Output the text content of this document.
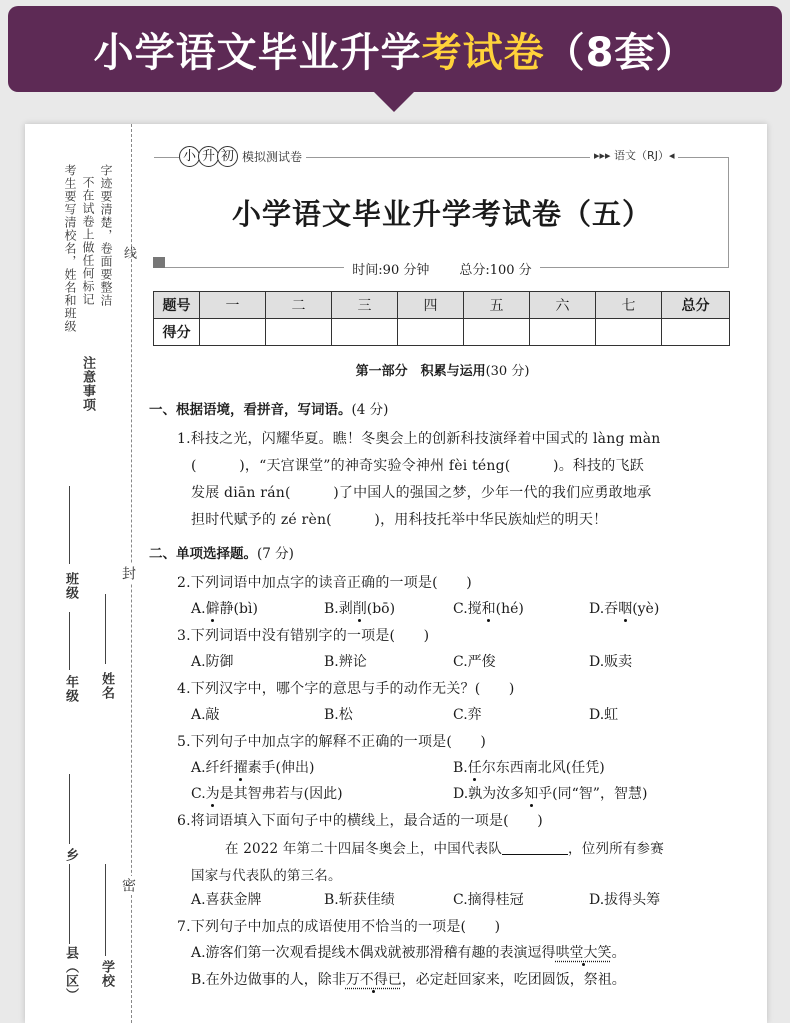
小学语文毕业升学 考试卷 （8套）
注意事项
字迹要清楚，卷面要整洁
不在试卷上做任何标记
考生要写清校名，姓名和班级	线
封
密
班级
年级 姓名
乡
县（区） 学校
小 升 初 模拟测试卷	▸▸▸ 语文（RJ）◂
小学语文毕业升学考试卷（五）
时间:90 分钟 总分:100 分
题号	一	二	三	四	五	六	七	总分
得分								
第一部分　积累与运用(30 分)
一、根据语境，看拼音，写词语。(4 分)
1.科技之光，闪耀华夏。瞧！冬奥会上的创新科技演绎着中国式的 làng màn
(　　　)，“天宫课堂”的神奇实验令神州 fèi téng(　　　)。科技的飞跃
发展 diān rán(　　　)了中国人的强国之梦，少年一代的我们应勇敢地承
担时代赋予的 zé rèn(　　　)，用科技托举中华民族灿烂的明天！
二、单项选择题。(7 分)
2.下列词语中加点字的读音正确的一项是(　　)
A.僻静(bì)	B.剥削(bō)	C.搅和(hé)	D.吞咽(yè)
3.下列词语中没有错别字的一项是(　　)
A.防御	B.辨论	C.严俊	D.贩卖
4.下列汉字中，哪个字的意思与手的动作无关？(　　)
A.敲	B.松	C.弈	D.虹
5.下列句子中加点字的解释不正确的一项是(　　)
A.纤纤擢素手(伸出)	B.任尔东西南北风(任凭)
C.为是其智弗若与(因此)	D.孰为汝多知乎(同“智”，智慧)
6.将词语填入下面句子中的横线上，最合适的一项是(　　)
在 2022 年第二十四届冬奥会上，中国代表队	，位列所有参赛
国家与代表队的第三名。
A.喜获金牌	B.斩获佳绩	C.摘得桂冠	D.拔得头筹
7.下列句子中加点的成语使用不恰当的一项是(　　)
A.游客们第一次观看提线木偶戏就被那滑稽有趣的表演逗得哄堂大笑。
B.在外边做事的人，除非万不得已，必定赶回家来，吃团圆饭，祭祖。
